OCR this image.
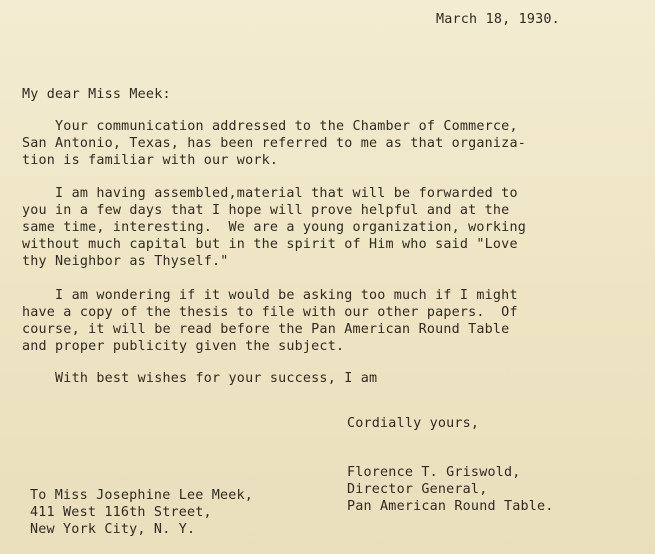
March 18, 1930.
My dear Miss Meek:
Your communication addressed to the Chamber of Commerce,
San Antonio, Texas, has been referred to me as that organiza-
tion is familiar with our work.
I am having assembled,material that will be forwarded to
you in a few days that I hope will prove helpful and at the
same time, interesting.  We are a young organization, working
without much capital but in the spirit of Him who said "Love
thy Neighbor as Thyself."
I am wondering if it would be asking too much if I might
have a copy of the thesis to file with our other papers.  Of
course, it will be read before the Pan American Round Table
and proper publicity given the subject.
With best wishes for your success, I am
Cordially yours,
Florence T. Griswold,
Director General,
Pan American Round Table.
To Miss Josephine Lee Meek,
411 West 116th Street,
New York City, N. Y.
